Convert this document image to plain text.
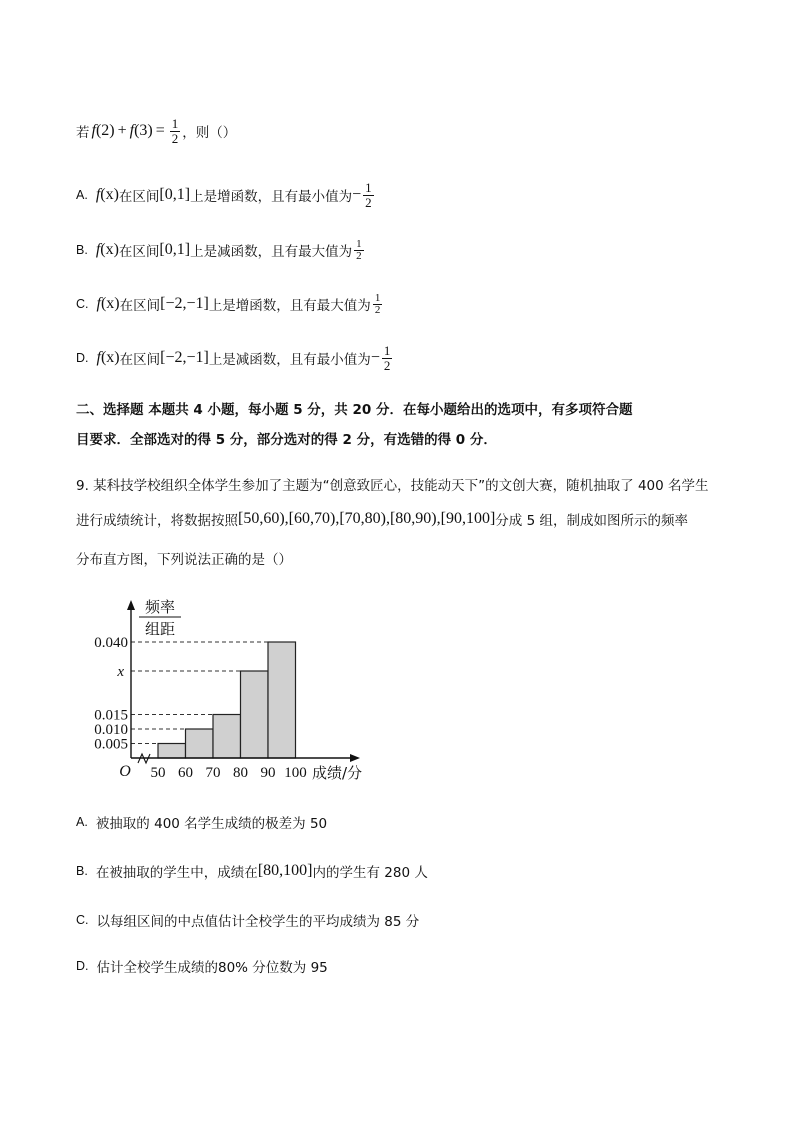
若 f (2) + f $(3) = \frac{1}{2}$ ，则（）
A. f (x) 在区间 [0,1] 上是增函数，且有最小值为 − $\frac{1}{2}$
B. f (x) 在区间 [0,1] 上是减函数，且有最大值为 $\frac{1}{2}$
C. f (x) 在区间 [−2,−1] 上是增函数，且有最大值为 $\frac{1}{2}$
D. f (x) 在区间 [−2,−1] 上是减函数，且有最小值为 − $\frac{1}{2}$
二、选择题 本题共 4 小题，每小题 5 分，共 20 分．在每小题给出的选项中，有多项符合题
目要求．全部选对的得 5 分，部分选对的得 2 分，有选错的得 0 分．
9. 某科技学校组织全体学生参加了主题为“创意致匠心，技能动天下”的文创大赛，随机抽取了 400 名学生
进行成绩统计，将数据按照 [50,60) , [60,70) , [70,80) , [80,90) , [90,100] 分成 5 组，制成如图所示的频率
分布直方图，下列说法正确的是（）
0.005
0.010
0.015
x
0.040
50 60 70 80 90 100
O	成绩/分
频率
组距
A. 被抽取的 400 名学生成绩的极差为 50
B. 在被抽取的学生中，成绩在 [80,100] 内的学生有 280 人
C. 以每组区间的中点值估计全校学生的平均成绩为 85 分
D. 估计全校学生成绩的80% 分位数为 95
